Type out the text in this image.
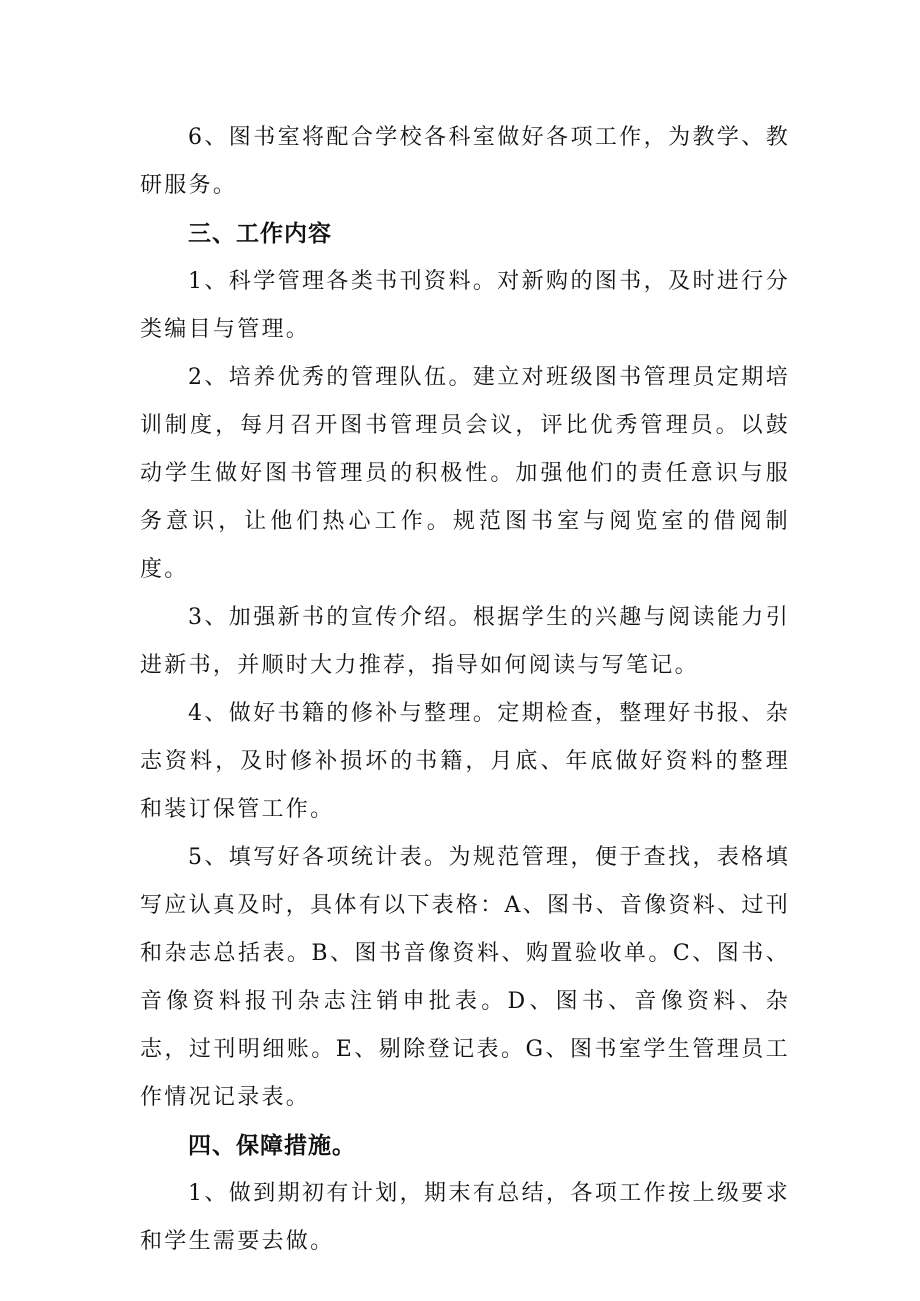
6、图书室将配合学校各科室做好各项工作，为教学、教研服务。

三、工作内容

1、科学管理各类书刊资料。对新购的图书，及时进行分类编目与管理。

2、培养优秀的管理队伍。建立对班级图书管理员定期培训制度，每月召开图书管理员会议，评比优秀管理员。以鼓动学生做好图书管理员的积极性。加强他们的责任意识与服务意识，让他们热心工作。规范图书室与阅览室的借阅制度。

3、加强新书的宣传介绍。根据学生的兴趣与阅读能力引进新书，并顺时大力推荐，指导如何阅读与写笔记。

4、做好书籍的修补与整理。定期检查，整理好书报、杂志资料，及时修补损坏的书籍，月底、年底做好资料的整理和装订保管工作。

5、填写好各项统计表。为规范管理，便于查找，表格填写应认真及时，具体有以下表格：A、图书、音像资料、过刊和杂志总括表。B、图书音像资料、购置验收单。C、图书、音像资料报刊杂志注销申批表。D、图书、音像资料、杂志，过刊明细账。E、剔除登记表。G、图书室学生管理员工作情况记录表。

四、保障措施。

1、做到期初有计划，期末有总结，各项工作按上级要求和学生需要去做。
